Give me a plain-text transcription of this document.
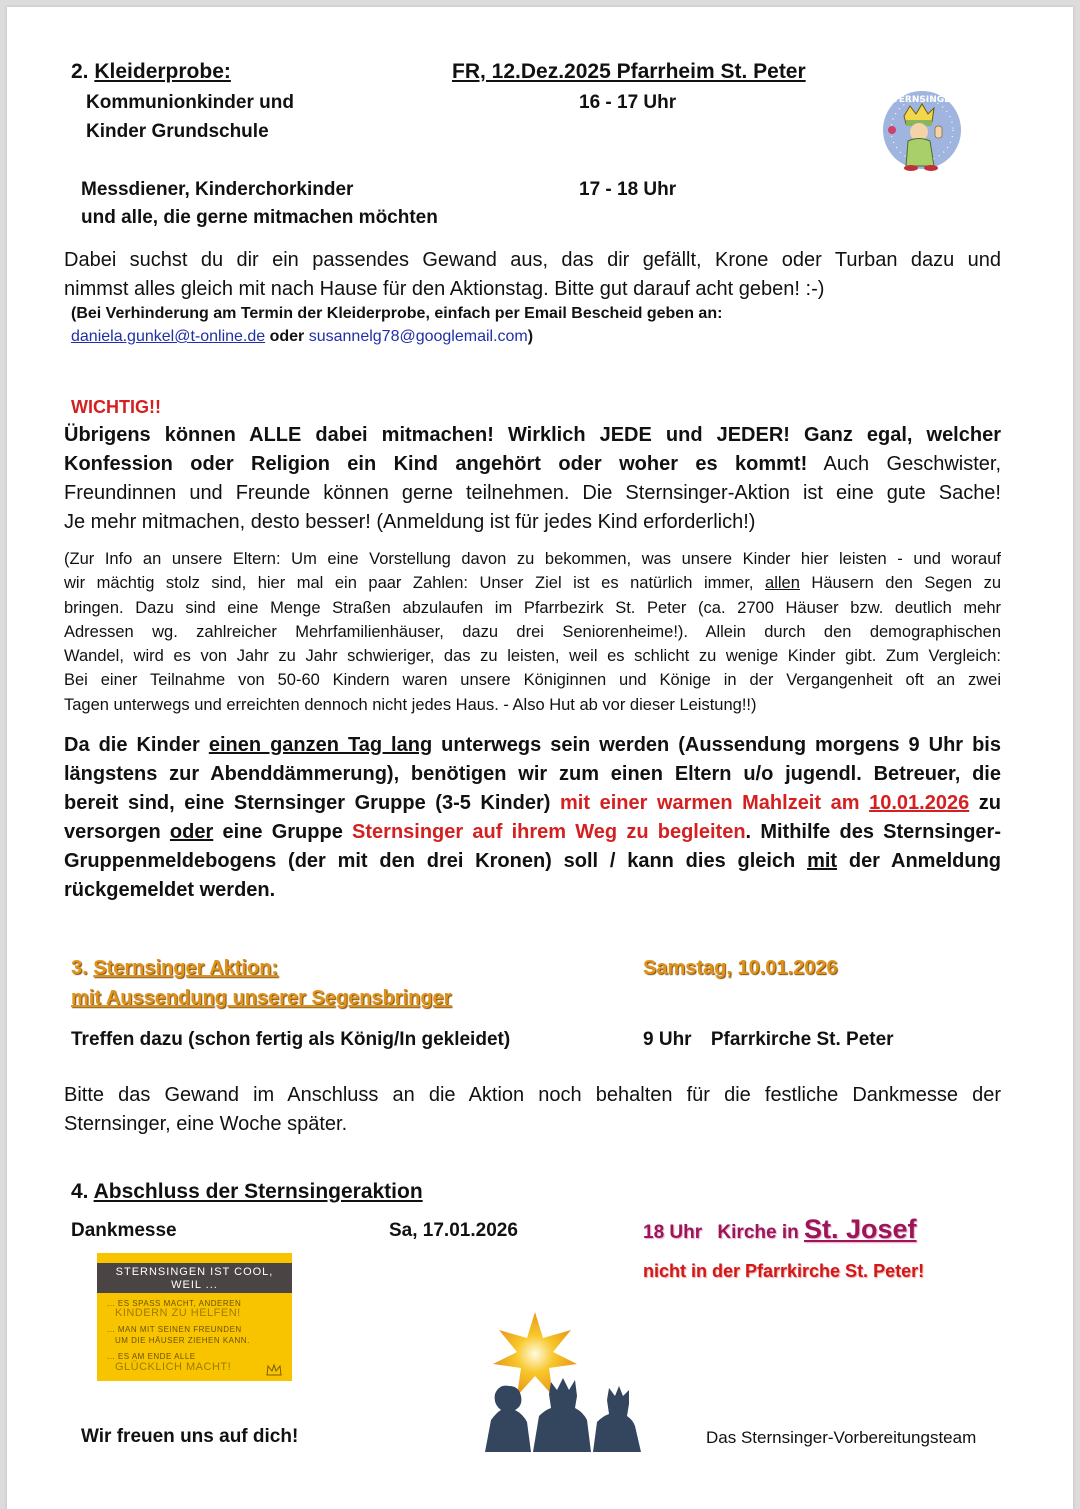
2. Kleiderprobe:	FR, 12.Dez.2025 Pfarrheim St. Peter
Kommunionkinder und
Kinder Grundschule
16 - 17 Uhr
Messdiener, Kinderchorkinder
und alle, die gerne mitmachen möchten
17 - 18 Uhr
STERNSINGEN
Dabei suchst du dir ein passendes Gewand aus, das dir gefällt, Krone oder Turban dazu und
nimmst alles gleich mit nach Hause für den Aktionstag. Bitte gut darauf acht geben! :-)
(Bei Verhinderung am Termin der Kleiderprobe, einfach per Email Bescheid geben an:
daniela.gunkel@t-online.de oder susannelg78@googlemail.com)
WICHTIG!!
Übrigens können ALLE dabei mitmachen! Wirklich JEDE und JEDER! Ganz egal, welcher
Konfession oder Religion ein Kind angehört oder woher es kommt! Auch Geschwister,
Freundinnen und Freunde können gerne teilnehmen. Die Sternsinger-Aktion ist eine gute Sache!
Je mehr mitmachen, desto besser! (Anmeldung ist für jedes Kind erforderlich!)
(Zur Info an unsere Eltern: Um eine Vorstellung davon zu bekommen, was unsere Kinder hier leisten - und worauf
wir mächtig stolz sind, hier mal ein paar Zahlen: Unser Ziel ist es natürlich immer, allen Häusern den Segen zu
bringen. Dazu sind eine Menge Straßen abzulaufen im Pfarrbezirk St. Peter (ca. 2700 Häuser bzw. deutlich mehr
Adressen wg. zahlreicher Mehrfamilienhäuser, dazu drei Seniorenheime!). Allein durch den demographischen
Wandel, wird es von Jahr zu Jahr schwieriger, das zu leisten, weil es schlicht zu wenige Kinder gibt. Zum Vergleich:
Bei einer Teilnahme von 50-60 Kindern waren unsere Königinnen und Könige in der Vergangenheit oft an zwei
Tagen unterwegs und erreichten dennoch nicht jedes Haus. - Also Hut ab vor dieser Leistung!!)
Da die Kinder einen ganzen Tag lang unterwegs sein werden (Aussendung morgens 9 Uhr bis
längstens zur Abenddämmerung), benötigen wir zum einen Eltern u/o jugendl. Betreuer, die
bereit sind, eine Sternsinger Gruppe (3-5 Kinder) mit einer warmen Mahlzeit am 10.01.2026 zu
versorgen oder eine Gruppe Sternsinger auf ihrem Weg zu begleiten. Mithilfe des Sternsinger-
Gruppenmeldebogens (der mit den drei Kronen) soll / kann dies gleich mit der Anmeldung
rückgemeldet werden.
3. Sternsinger Aktion:
mit Aussendung unserer Segensbringer
Samstag, 10.01.2026
Treffen dazu (schon fertig als König/In gekleidet)	9 Uhr Pfarrkirche St. Peter
Bitte das Gewand im Anschluss an die Aktion noch behalten für die festliche Dankmesse der
Sternsinger, eine Woche später.
4. Abschluss der Sternsingeraktion
Dankmesse	Sa, 17.01.2026	18 Uhr Kirche in St. Josef
nicht in der Pfarrkirche St. Peter!
STERNSINGEN IST COOL,
WEIL ...
... ES SPASS MACHT, ANDEREN
KINDERN ZU HELFEN!
... MAN MIT SEINEN FREUNDEN
UM DIE HÄUSER ZIEHEN KANN.
... ES AM ENDE ALLE
GLÜCKLICH MACHT!
Wir freuen uns auf dich!	Das Sternsinger-Vorbereitungsteam
